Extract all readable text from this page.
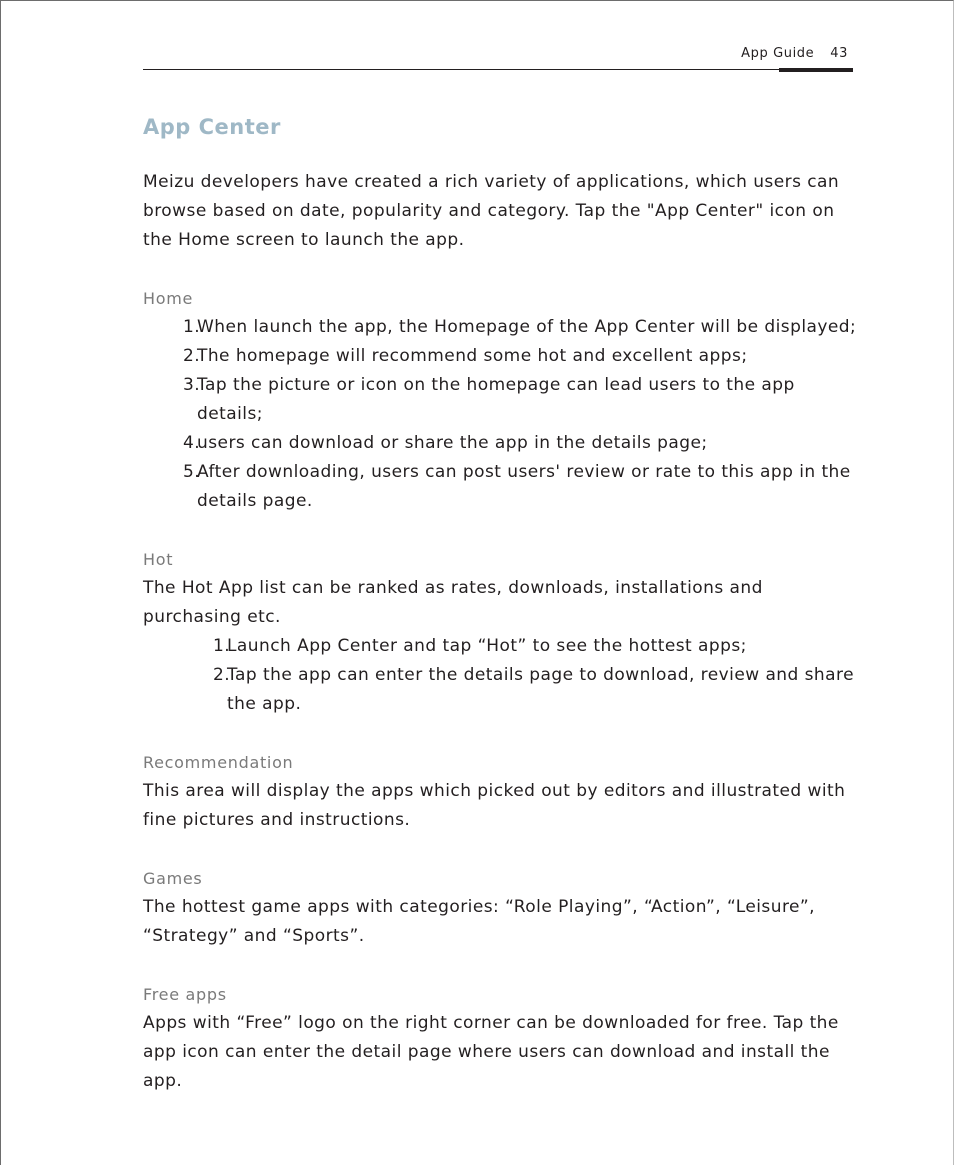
App Guide 43
App Center

Meizu developers have created a rich variety of applications, which users can browse based on date, popularity and category. Tap the "App Center" icon on the Home screen to launch the app.

Home
1.
When launch the app, the Homepage of the App Center will be displayed;
2.
The homepage will recommend some hot and excellent apps;
3.
Tap the picture or icon on the homepage can lead users to the app details;
4.
users can download or share the app in the details page;
5.
After downloading, users can post users' review or rate to this app in the details page.
Hot

The Hot App list can be ranked as rates, downloads, installations and purchasing etc.

1.
Launch App Center and tap “Hot” to see the hottest apps;
2.
Tap the app can enter the details page to download, review and share the app.
Recommendation

This area will display the apps which picked out by editors and illustrated with fine pictures and instructions.

Games

The hottest game apps with categories: “Role Playing”, “Action”, “Leisure”, “Strategy” and “Sports”.

Free apps

Apps with “Free” logo on the right corner can be downloaded for free. Tap the app icon can enter the detail page where users can download and install the app.
